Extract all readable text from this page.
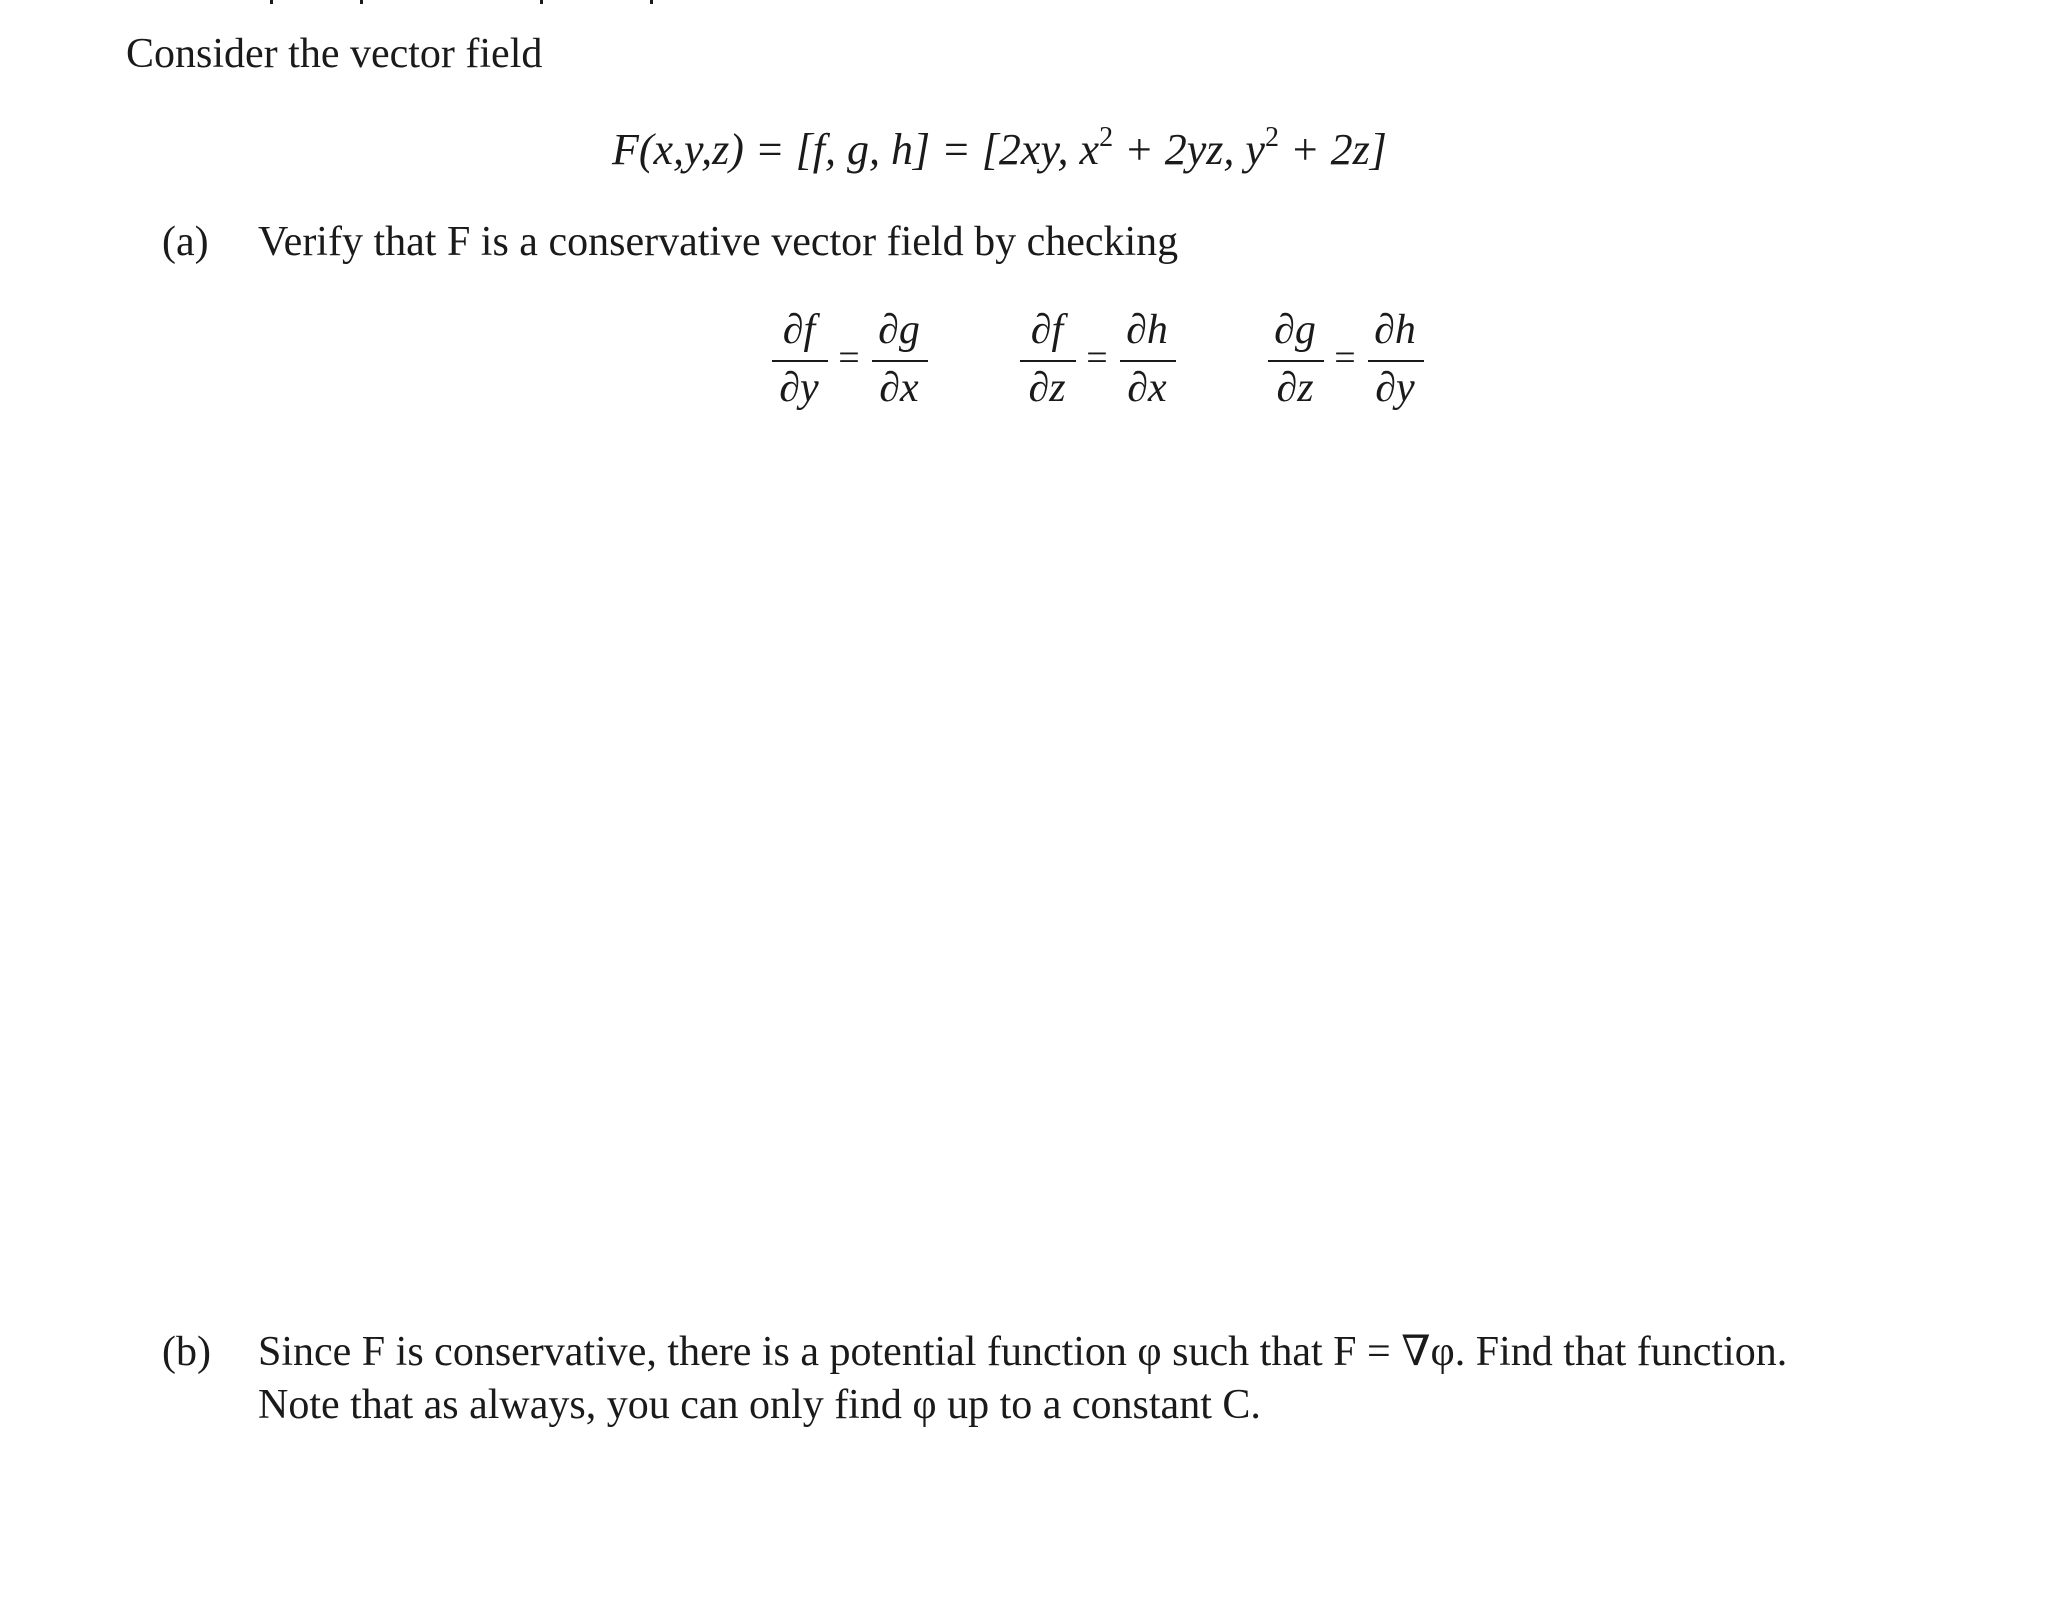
Consider the vector field
F(x,y,z) = [f, g, h] = [2xy, $x^2 + 2yz$, $y^2 + 2z$]
(a) Verify that F is a conservative vector field by checking
∂f
∂y
=
∂g
∂x
∂f
∂z
=
∂h
∂x
∂g
∂z
=
∂h
∂y
(b) Since F is conservative, there is a potential function φ such that F = ∇φ. Find that function.
Note that as always, you can only find φ up to a constant C.
